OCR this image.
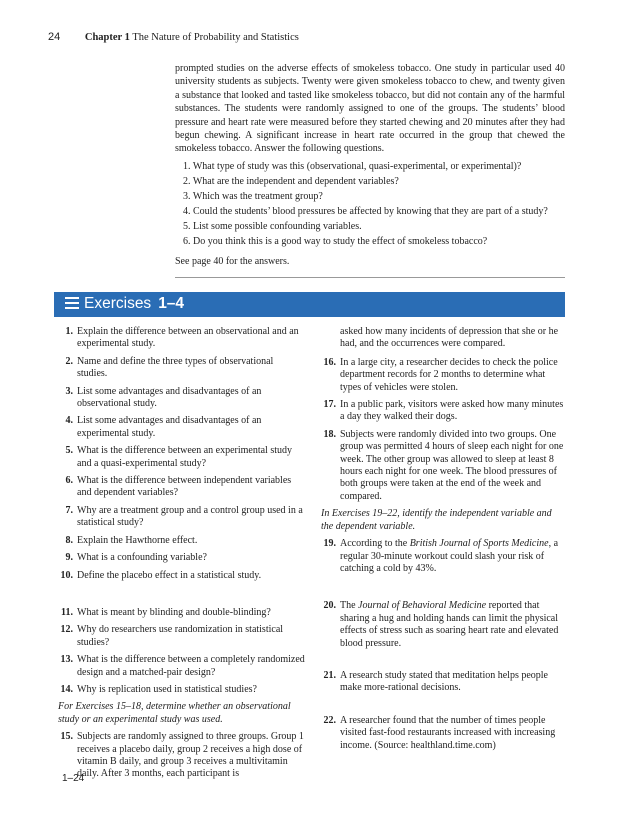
24 Chapter 1 The Nature of Probability and Statistics

prompted studies on the adverse effects of smokeless tobacco. One study in particular used 40 university students as subjects. Twenty were given smokeless tobacco to chew, and twenty given a substance that looked and tasted like smokeless tobacco, but did not contain any of the harmful substances. The students were randomly assigned to one of the groups. The students’ blood pressure and heart rate were measured before they started chewing and 20 minutes after they had begun chewing. A significant increase in heart rate occurred in the group that chewed the smokeless tobacco. Answer the following questions.

1. What type of study was this (observational, quasi-experimental, or experimental)?
2. What are the independent and dependent variables?
3. Which was the treatment group?
4. Could the students’ blood pressures be affected by knowing that they are part of a study?
5. List some possible confounding variables.
6. Do you think this is a good way to study the effect of smokeless tobacco?

See page 40 for the answers.

Exercises 1–4
1. Explain the difference between an observational and an experimental study.
2. Name and define the three types of observational studies.
3. List some advantages and disadvantages of an observational study.
4. List some advantages and disadvantages of an experimental study.
5. What is the difference between an experimental study and a quasi-experimental study?
6. What is the difference between independent variables and dependent variables?
7. Why are a treatment group and a control group used in a statistical study?
8. Explain the Hawthorne effect.
9. What is a confounding variable?
10. Define the placebo effect in a statistical study.
11. What is meant by blinding and double-blinding?
12. Why do researchers use randomization in statistical studies?
13. What is the difference between a completely randomized design and a matched-pair design?
14. Why is replication used in statistical studies?

For Exercises 15–18, determine whether an observational study or an experimental study was used.

15. Subjects are randomly assigned to three groups. Group 1 receives a placebo daily, group 2 receives a high dose of vitamin B daily, and group 3 receives a multivitamin daily. After 3 months, each participant is

asked how many incidents of depression that she or he had, and the occurrences were compared.

16. In a large city, a researcher decides to check the police department records for 2 months to determine what types of vehicles were stolen.
17. In a public park, visitors were asked how many minutes a day they walked their dogs.
18. Subjects were randomly divided into two groups. One group was permitted 4 hours of sleep each night for one week. The other group was allowed to sleep at least 8 hours each night for one week. The blood pressures of both groups were taken at the end of the week and compared.

In Exercises 19–22, identify the independent variable and the dependent variable.

19. According to the British Journal of Sports Medicine, a regular 30-minute workout could slash your risk of catching a cold by 43%.
20. The Journal of Behavioral Medicine reported that sharing a hug and holding hands can limit the physical effects of stress such as soaring heart rate and elevated blood pressure.
21. A research study stated that meditation helps people make more-rational decisions.
22. A researcher found that the number of times people visited fast-food restaurants increased with increasing income. (Source: healthland.time.com)
1–24
